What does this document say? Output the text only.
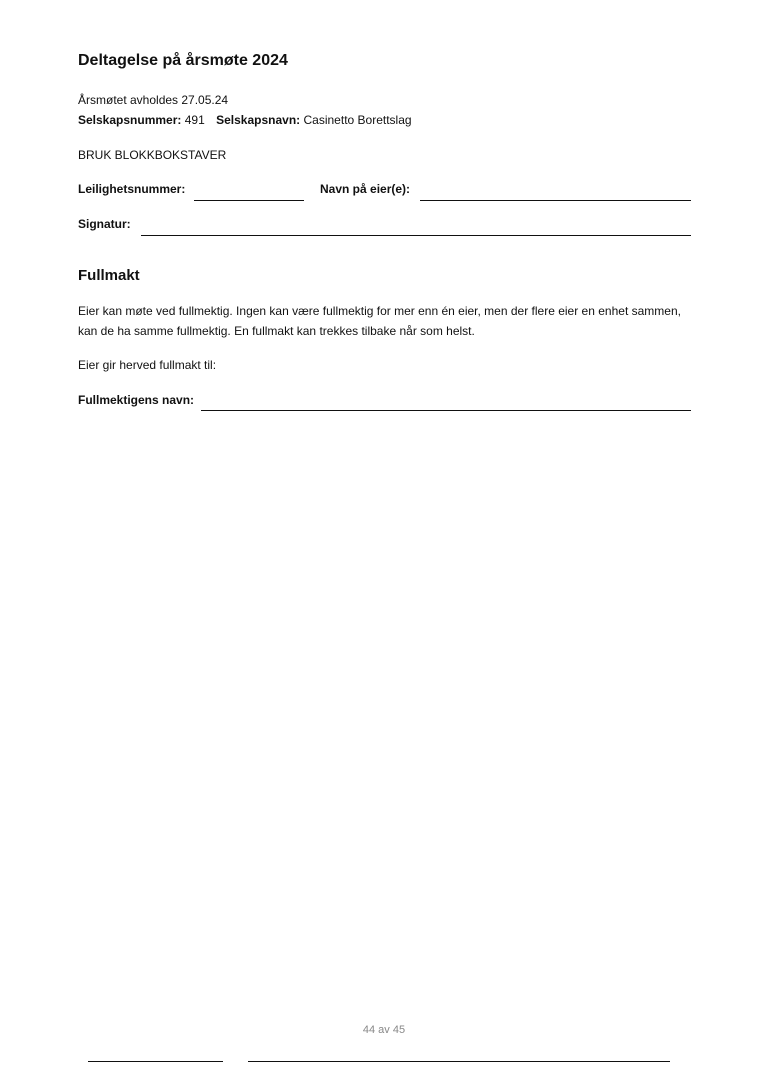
Deltagelse på årsmøte 2024
Årsmøtet avholdes 27.05.24
Selskapsnummer: 491 Selskapsnavn: Casinetto Borettslag
BRUK BLOKKBOKSTAVER
Leilighetsnummer:	Navn på eier(e):
Signatur:
Fullmakt
Eier kan møte ved fullmektig. Ingen kan være fullmektig for mer enn én eier, men der flere eier en enhet sammen, kan de ha samme fullmektig. En fullmakt kan trekkes tilbake når som helst.
Eier gir herved fullmakt til:
Fullmektigens navn:
44 av 45
